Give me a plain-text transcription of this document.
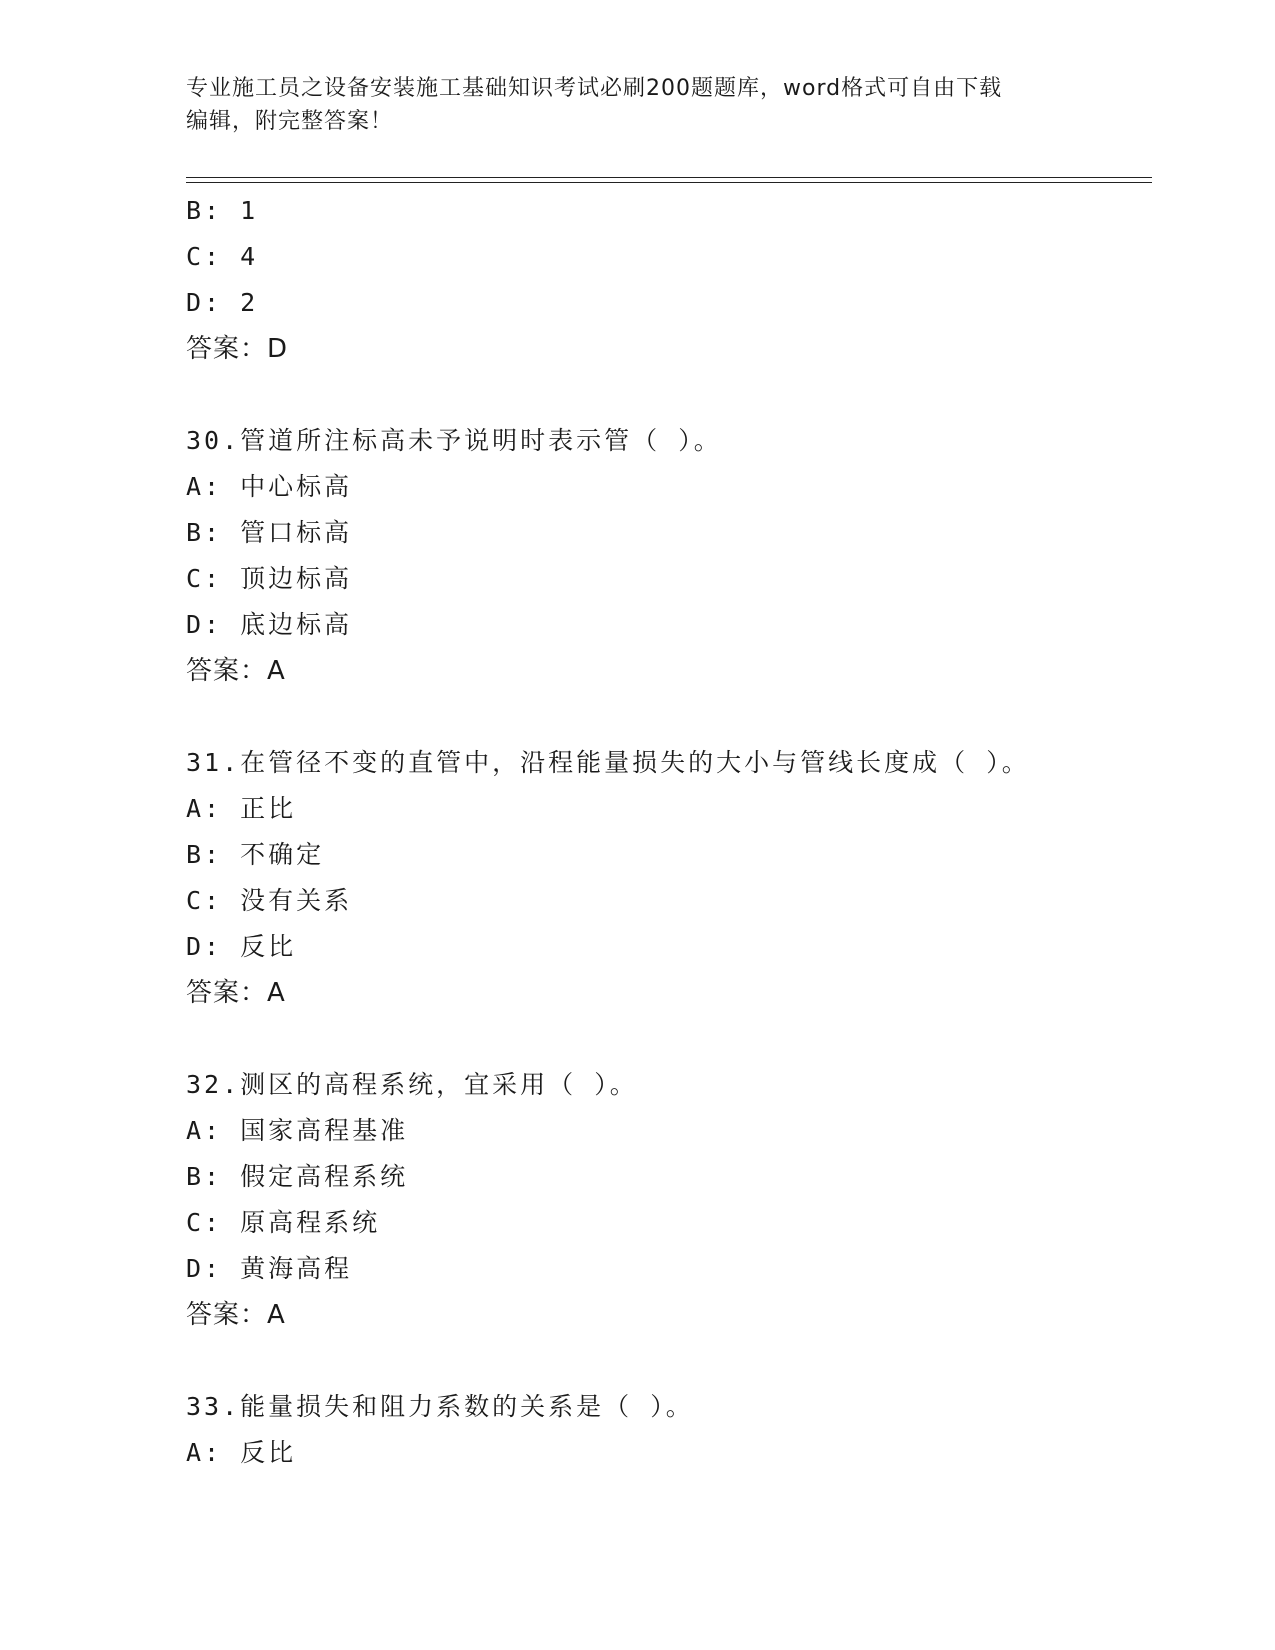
专业施工员之设备安装施工基础知识考试必刷200题题库，word格式可自由下载
编辑，附完整答案！
B: 1
C: 4
D: 2
答案：D
30.管道所注标高未予说明时表示管（ ）。
A: 中心标高
B: 管口标高
C: 顶边标高
D: 底边标高
答案：A
31.在管径不变的直管中，沿程能量损失的大小与管线长度成（ ）。
A: 正比
B: 不确定
C: 没有关系
D: 反比
答案：A
32.测区的高程系统，宜采用（ ）。
A: 国家高程基准
B: 假定高程系统
C: 原高程系统
D: 黄海高程
答案：A
33.能量损失和阻力系数的关系是（ ）。
A: 反比
